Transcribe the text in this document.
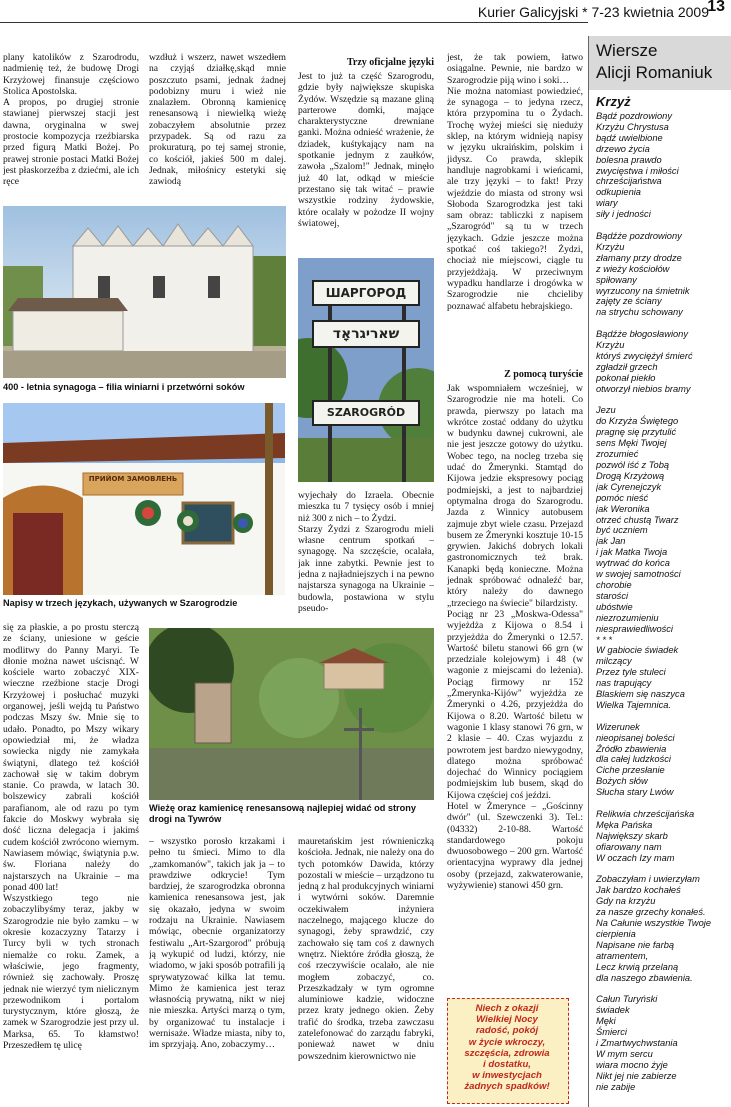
Kurier Galicyjski * 7-23 kwietnia 2009
13
plany katolików z Szarodrodu, nadmienię też, że budowę Drogi Krzyżowej finansuje częściowo Stolica Apostolska.
A propos, po drugiej stronie stawianej pierwszej stacji jest dawna, oryginalna w swej prostocie kompozycja rzeźbiarska przed figurą Matki Bożej. Po prawej stronie postaci Matki Bożej jest płaskorzeźba z dziećmi, ale ich ręce
wzdłuż i wszerz, nawet wszedłem na czyjąś działkę,skąd mnie poszczuto psami, jednak żadnej podobizny muru i wież nie znalazłem. Obronną kamienicę renesansową i niewielką wieżę zobaczyłem absolutnie przez przypadek. Są od razu za prokuraturą, po tej samej stronie, co kościół, jakieś 500 m dalej. Jednak, miłośnicy estetyki się zawiodą
400 - letnia synagoga – filia winiarni i przetwórni soków
ПРИЙОМ ЗАМОВЛЕНЬ
Napisy w trzech językach, używanych w Szarogrodzie
się za płaskie, a po prostu sterczą ze ściany, uniesione w geście modlitwy do Panny Maryi. Te dłonie można nawet uścisnąć. W kościele warto zobaczyć XIX-wieczne rzeźbione stacje Drogi Krzyżowej i posłuchać muzyki organowej, jeśli wejdą tu Państwo podczas Mszy św. Mnie się to udało. Ponadto, po Mszy wikary opowiedział mi, że władza sowiecka nigdy nie zamykała świątyni, dlatego też kościół zachował się w takim dobrym stanie. Co prawda, w latach 30. bolszewicy zabrali kościół parafianom, ale od razu po tym fakcie do Moskwy wybrała się dość liczna delegacja i jakimś cudem kościół zwrócono wiernym. Nawiasem mówiąc, świątynia p.w. św. Floriana należy do najstarszych na Ukrainie – ma ponad 400 lat!
Wszystkiego tego nie zobaczylibyśmy teraz, jakby w Szarogrodzie nie było zamku – w okresie kozaczyzny Tatarzy i Turcy byli w tych stronach niemalże co roku. Zamek, a właściwie, jego fragmenty, również się zachowały. Proszę jednak nie wierzyć tym nielicznym przewodnikom i portalom turystycznym, które głoszą, że zamek w Szarogrodzie jest przy ul. Marksa, 65. To kłamstwo! Przeszedłem tę ulicę
Wieżę oraz kamienicę renesansową najlepiej widać od strony drogi na Tywrów
Trzy oficjalne języki
Jest to już ta część Szarogrodu, gdzie były największe skupiska Żydów. Wszędzie są mazane gliną parterowe domki, mające charakterystyczne drewniane ganki. Można odnieść wrażenie, że dziadek, kuśtykający nam na spotkanie jednym z zaułków, zawoła „Szalom!" Jednak, minęło już 40 lat, odkąd w mieście przestano się tak witać – prawie wszystkie rodziny żydowskie, które ocalały w pożodze II wojny światowej,
ШАРГОРОД
שאריגראָד
SZAROGRÓD
wyjechały do Izraela. Obecnie mieszka tu 7 tysięcy osób i mniej niż 300 z nich – to Żydzi.
Starzy Żydzi z Szarogrodu mieli własne centrum spotkań – synagogę. Na szczęście, ocalała, jak inne zabytki. Pewnie jest to jedna z najładniejszych i na pewno najstarsza synagoga na Ukrainie – budowla, postawiona w stylu pseudo-
– wszystko porosło krzakami i pełno tu śmieci. Mimo to dla „zamkomanów", takich jak ja – to prawdziwe odkrycie! Tym bardziej, że szarogrodzka obronna kamienica renesansowa jest, jak się okazało, jedyna w swoim rodzaju na Ukrainie. Nawiasem mówiąc, obecnie organizatorzy festiwalu „Art-Szargorod" próbują ją wykupić od ludzi, którzy, nie wiadomo, w jaki sposób potrafili ją sprywatyzować kilka lat temu. Mimo że kamienica jest teraz własnością prywatną, nikt w niej nie mieszka. Artyści marzą o tym, by organizować tu instalacje i wernisaże. Władze miasta, niby to, im sprzyjają. Ano, zobaczymy…
mauretańskim jest równieniczką kościoła. Jednak, nie należy ona do tych potomków Dawida, którzy pozostali w mieście – urządzono tu jedną z hal produkcyjnych winiarni i wytwórni soków. Daremnie oczekiwałem inżyniera naczelnego, mającego klucze do synagogi, żeby sprawdzić, czy zachowało się tam coś z dawnych wnętrz. Niektóre źródła głoszą, że coś rzeczywiście ocalało, ale nie mogłem zobaczyć, co. Przeszkadzały w tym ogromne aluminiowe kadzie, widoczne przez kraty jednego okien. Żeby trafić do środka, trzeba zawczasu zatelefonować do zarządu fabryki, ponieważ nawet w dniu powszednim kierownictwo nie
jest, że tak powiem, łatwo osiągalne. Pewnie, nie bardzo w Szarogrodzie piją wino i soki…
Nie można natomiast powiedzieć, że synagoga – to jedyna rzecz, która przypomina tu o Żydach. Trochę wyżej mieści się nieduży sklep, na którym widnieją napisy w języku ukraińskim, polskim i jidysz. Co prawda, sklepik handluje nagrobkami i wieńcami, ale trzy języki – to fakt! Przy wjeździe do miasta od strony wsi Słoboda Szarogrodzka jest taki sam obraz: tabliczki z napisem „Szarogród" są tu w trzech językach. Gdzie jeszcze można spotkać coś takiego?! Żydzi, chociaż nie miejscowi, ciągle tu przyjeżdżają. W przeciwnym wypadku handlarze i drogówka w Szarogrodzie nie chcieliby poznawać alfabetu hebrajskiego.
Z pomocą turyście
Jak wspomniałem wcześniej, w Szarogrodzie nie ma hoteli. Co prawda, pierwszy po latach ma wkrótce zostać oddany do użytku w budynku dawnej cukrowni, ale nie jest jeszcze gotowy do użytku. Wobec tego, na nocleg trzeba się udać do Żmerynki. Stamtąd do Kijowa jedzie ekspresowy pociąg podmiejski, a jest to najbardziej optymalna droga do Szarogrodu. Jazda z Winnicy autobusem zajmuje zbyt wiele czasu. Przejazd busem ze Żmerynki kosztuje 10-15 grywien. Jakichś dobrych lokali gastronomicznych też brak. Kanapki będą konieczne. Można jednak spróbować odnaleźć bar, który należy do dawnego „trzeciego na świecie" bilardzisty.
Pociąg nr 23 „Moskwa-Odessa" wyjeżdża z Kijowa o 8.54 i przyjeżdża do Żmerynki o 12.57. Wartość biletu stanowi 66 grn (w przedziale kolejowym) i 48 (w wagonie z miejscami do leżenia). Pociąg firmowy nr 152 „Żmerynka-Kijów" wyjeżdża ze Żmerynki o 4.26, przyjeżdża do Kijowa o 8.20. Wartość biletu w wagonie 1 klasy stanowi 76 grn, w 2 klasie – 40. Czas wyjazdu z powrotem jest bardzo niewygodny, dlatego można spróbować dojechać do Winnicy pociągiem podmiejskim lub busem, skąd do Kijowa częściej coś jeździ.
Hotel w Żmerynce – „Gościnny dwór" (ul. Szewczenki 3). Tel.: (04332) 2-10-88. Wartość standardowego pokoju dwuosobowego – 200 grn. Wartość orientacyjna wyprawy dla jednej osoby (przejazd, zakwaterowanie, wyżywienie) stanowi 450 grn.
Niech z okazji
Wielkiej Nocy
radość, pokój
w życie wkroczy,
szczęścia, zdrowia
i dostatku,
w inwestycjach
żadnych spadków!
Wiersze
Alicji Romaniuk
Krzyż
Bądź pozdrowiony
Krzyżu Chrystusa
bądź uwielbione
drzewo życia
bolesna prawdo
zwycięstwa i miłości
chrześcijaństwa
odkupienia
wiary
siły i jedności

Bądźże pozdrowiony
Krzyżu
złamany przy drodze
z wieży kościołów
spiłowany
wyrzucony na śmietnik
zajęty ze ściany
na strychu schowany

Bądźże błogosławiony
Krzyżu
któryś zwyciężył śmierć
zgładził grzech
pokonał piekło
otworzył niebios bramy

Jezu
do Krzyża Świętego
pragnę się przytulić
sens Męki Twojej
zrozumieć
pozwól iść z Tobą
Drogą Krzyżową
jak Cyrenejczyk
pomóc nieść
jak Weronika
otrzeć chustą Twarz
być uczniem
jak Jan
i jak Matka Twoja
wytrwać do końca
w swojej samotności
chorobie
starości
ubóstwie
niezrozumieniu
niesprawiedliwości
* * *
W gabiocie świadek
milczący
Przez tyle stuleci
nas trapujący
Blaskiem się naszyca
Wielka Tajemnica.

Wizerunek
nieopisanej boleści
Źródło zbawienia
dla całej ludzkości
Ciche przesłanie
Bożych słów
Słucha stary Lwów

Relikwia chrześcijańska
Męka Pańska
Największy skarb
ofiarowany nam
W oczach Izy mam

Zobaczyłam i uwierzyłam
Jak bardzo kochałeś
Gdy na krzyżu
za nasze grzechy konałeś.
Na Całunie wszystkie Twoje
cierpienia
Napisane nie farbą
atramentem,
Lecz krwią przelaną
dla naszego zbawienia.

Całun Turyński
świadek
Męki
Śmierci
i Zmartwychwstania
W mym sercu
wiara mocno żyje
Nikt jej nie zabierze
nie zabije
